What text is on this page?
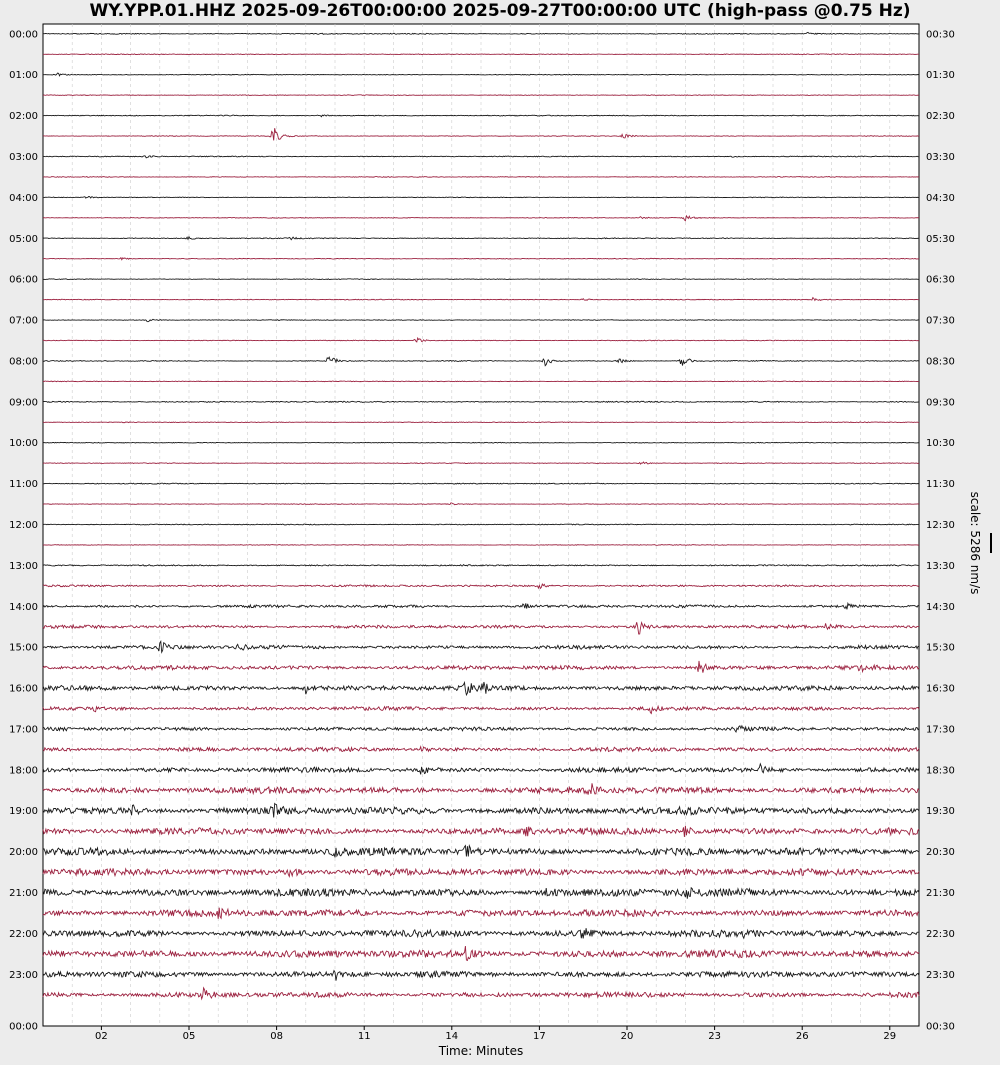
WY.YPP.01.HHZ 2025-09-26T00:00:00 2025-09-27T00:00:00 UTC (high-pass @0.75 Hz)
00:00
01:00
02:00
03:00
04:00
05:00
06:00
07:00
08:00
09:00
10:00
11:00
12:00
13:00
14:00
15:00
16:00
17:00
18:00
19:00
20:00
21:00
22:00
23:00
00:00
00:30
01:30
02:30
03:30
04:30
05:30
06:30
07:30
08:30
09:30
10:30
11:30
12:30
13:30
14:30
15:30
16:30
17:30
18:30
19:30
20:30
21:30
22:30
23:30
00:30
02	05	08	11	14	17	20	23	26	29
Time: Minutes
scale: 5286 nm/s
